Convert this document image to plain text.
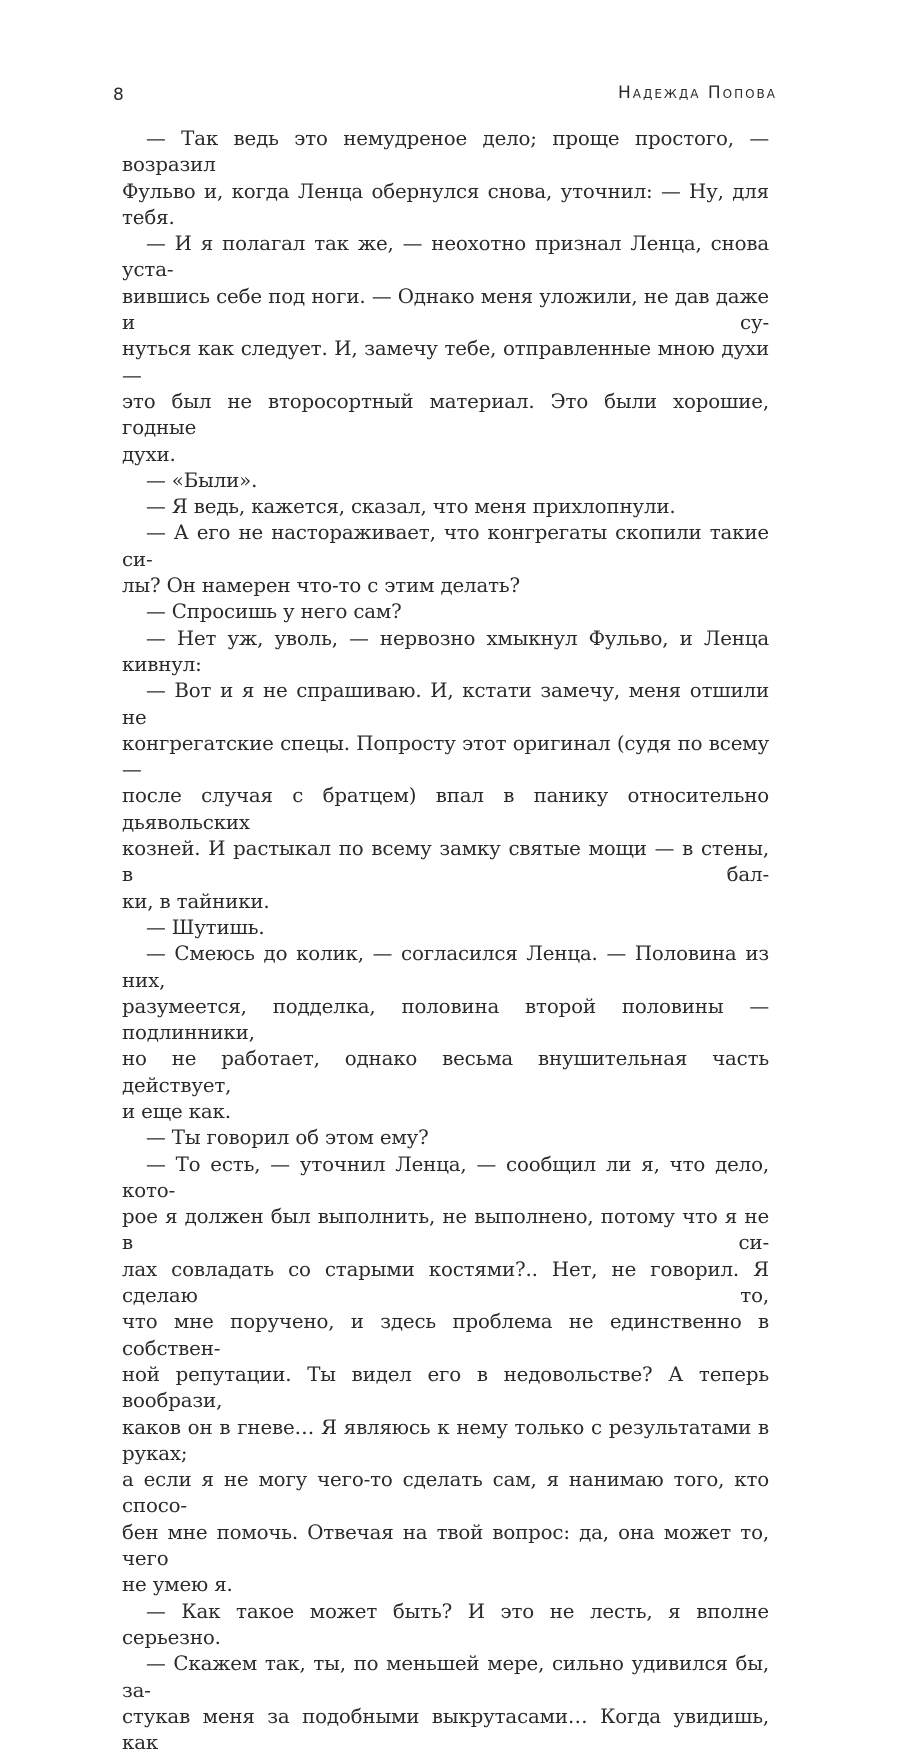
8	Надежда Попова

— Так ведь это немудреное дело; проще простого, — возразил
Фульво и, когда Ленца обернулся снова, уточнил: — Ну, для тебя.

— И я полагал так же, — неохотно признал Ленца, снова уста-
вившись себе под ноги. — Однако меня уложили, не дав даже и су-
нуться как следует. И, замечу тебе, отправленные мною духи —
это был не второсортный материал. Это были хорошие, годные
духи.

— «Были».

— Я ведь, кажется, сказал, что меня прихлопнули.

— А его не настораживает, что конгрегаты скопили такие си-
лы? Он намерен что-то с этим делать?

— Спросишь у него сам?

— Нет уж, уволь, — нервозно хмыкнул Фульво, и Ленца
кивнул:

— Вот и я не спрашиваю. И, кстати замечу, меня отшили не
конгрегатские спецы. Попросту этот оригинал (судя по всему —
после случая с братцем) впал в панику относительно дьявольских
козней. И растыкал по всему замку святые мощи — в стены, в бал-
ки, в тайники.

— Шутишь.

— Смеюсь до колик, — согласился Ленца. — Половина из них,
разумеется, подделка, половина второй половины — подлинники,
но не работает, однако весьма внушительная часть действует,
и еще как.

— Ты говорил об этом ему?

— То есть, — уточнил Ленца, — сообщил ли я, что дело, кото-
рое я должен был выполнить, не выполнено, потому что я не в си-
лах совладать со старыми костями?.. Нет, не говорил. Я сделаю то,
что мне поручено, и здесь проблема не единственно в собствен-
ной репутации. Ты видел его в недовольстве? А теперь вообрази,
каков он в гневе… Я являюсь к нему только с результатами в руках;
а если я не могу чего-то сделать сам, я нанимаю того, кто спосо-
бен мне помочь. Отвечая на твой вопрос: да, она может то, чего
не умею я.

— Как такое может быть? И это не лесть, я вполне серьезно.

— Скажем так, ты, по меньшей мере, сильно удивился бы, за-
стукав меня за подобными выкрутасами… Когда увидишь, как
